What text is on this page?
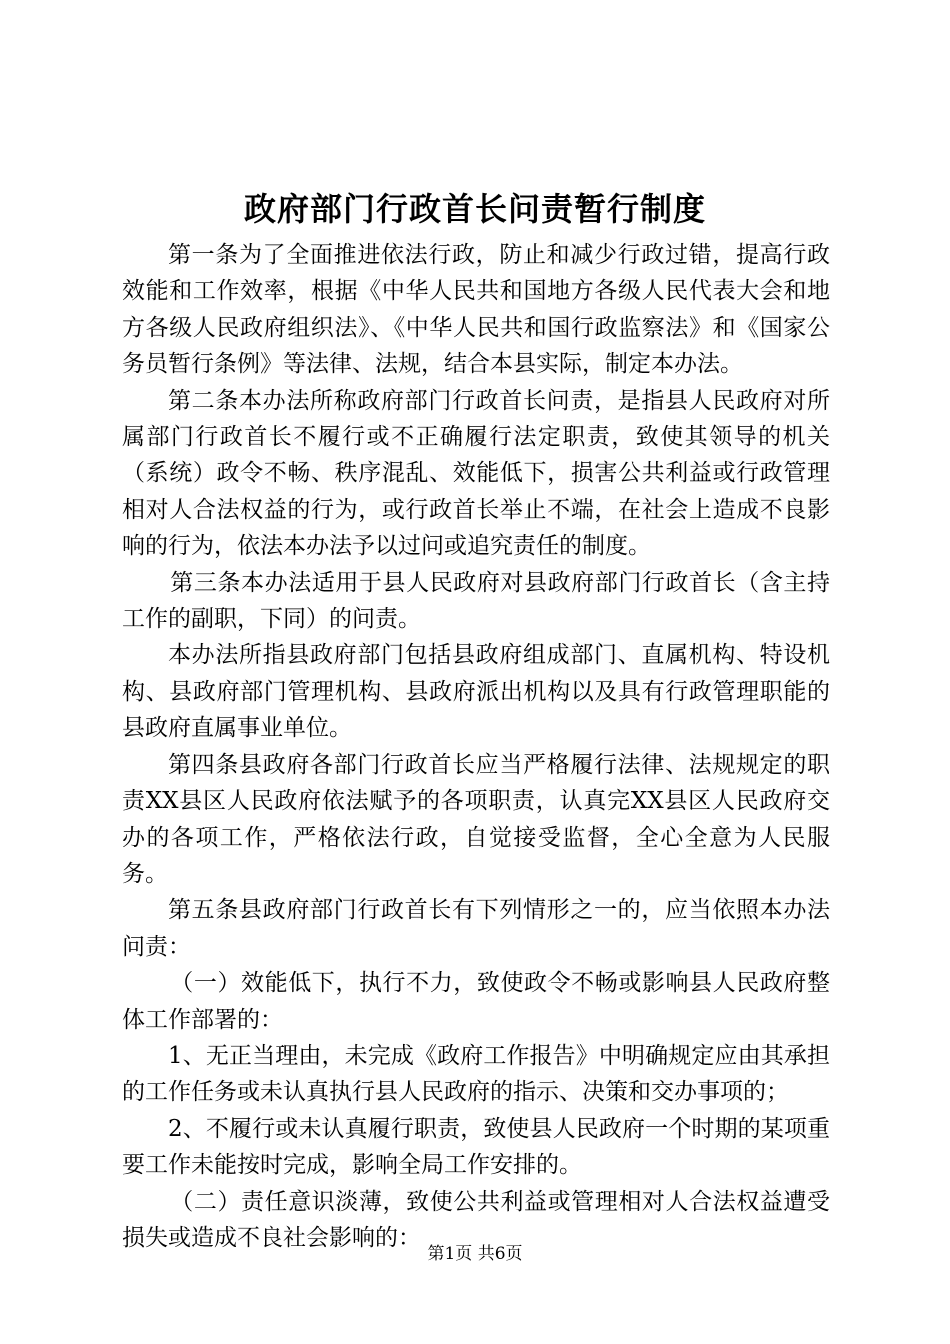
政府部门行政首长问责暂行制度

第一条为了全面推进依法行政，防止和减少行政过错，提高行政效能和工作效率，根据《中华人民共和国地方各级人民代表大会和地方各级人民政府组织法》、《中华人民共和国行政监察法》和《国家公务员暂行条例》等法律、法规，结合本县实际，制定本办法。

第二条本办法所称政府部门行政首长问责，是指县人民政府对所属部门行政首长不履行或不正确履行法定职责，致使其领导的机关（系统）政令不畅、秩序混乱、效能低下，损害公共利益或行政管理相对人合法权益的行为，或行政首长举止不端，在社会上造成不良影响的行为，依法本办法予以过问或追究责任的制度。

第三条本办法适用于县人民政府对县政府部门行政首长（含主持工作的副职，下同）的问责。

本办法所指县政府部门包括县政府组成部门、直属机构、特设机构、县政府部门管理机构、县政府派出机构以及具有行政管理职能的县政府直属事业单位。

第四条县政府各部门行政首长应当严格履行法律、法规规定的职责XX县区人民政府依法赋予的各项职责，认真完XX县区人民政府交办的各项工作，严格依法行政，自觉接受监督，全心全意为人民服务。

第五条县政府部门行政首长有下列情形之一的，应当依照本办法问责：

（一）效能低下，执行不力，致使政令不畅或影响县人民政府整体工作部署的：

1、无正当理由，未完成《政府工作报告》中明确规定应由其承担的工作任务或未认真执行县人民政府的指示、决策和交办事项的；

2、不履行或未认真履行职责，致使县人民政府一个时期的某项重要工作未能按时完成，影响全局工作安排的。

（二）责任意识淡薄，致使公共利益或管理相对人合法权益遭受损失或造成不良社会影响的：

第1页 共6页
